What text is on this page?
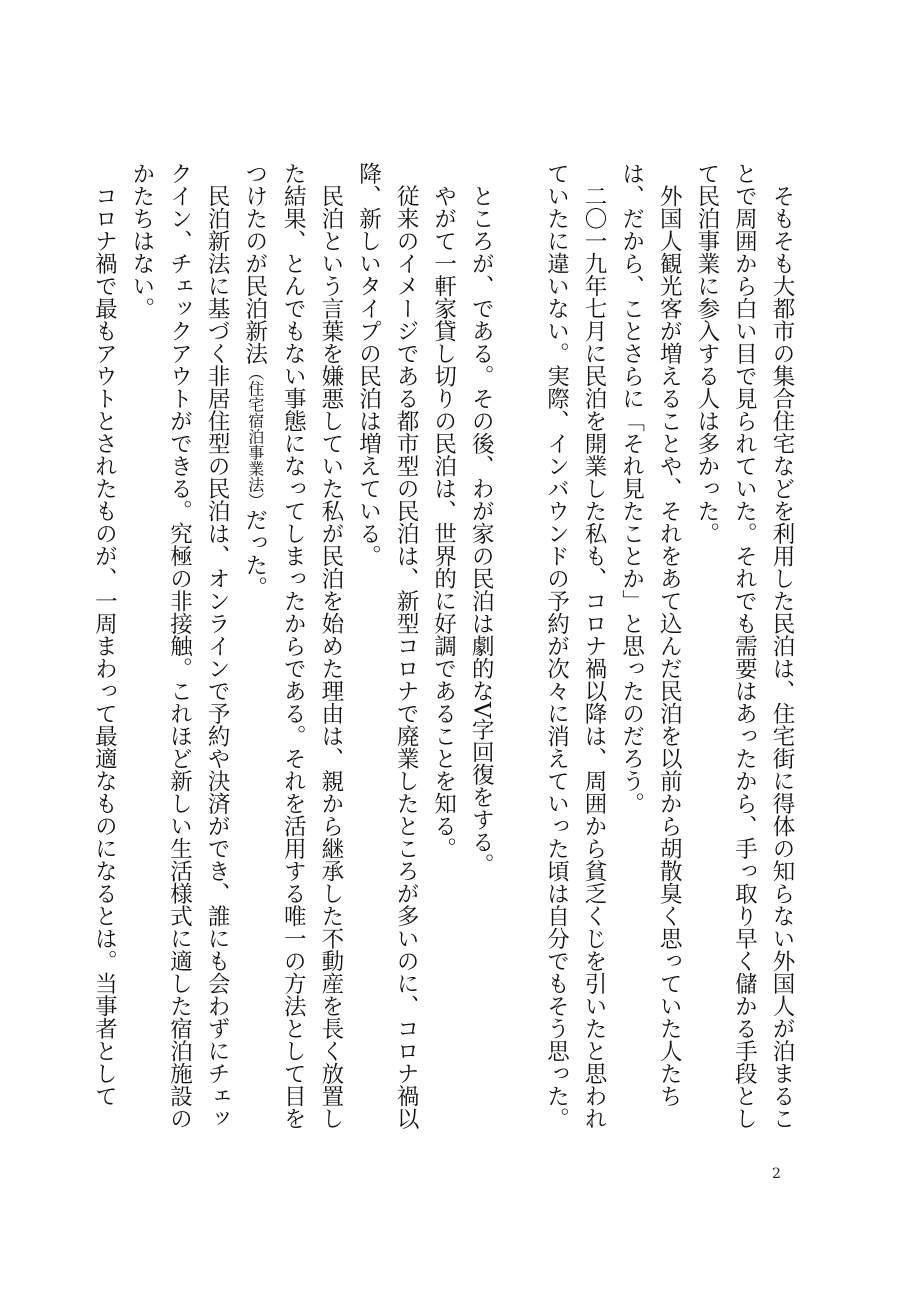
　そもそも大都市の集合住宅などを利用した民泊は、住宅街に得体の知らない外国人が泊まることで周囲から白い目で見られていた。それでも需要はあったから、手っ取り早く儲かる手段として民泊事業に参入する人は多かった。

　外国人観光客が増えることや、それをあて込んだ民泊を以前から胡散臭く思っていた人たちは、だから、ことさらに「それ見たことか」と思ったのだろう。

　二〇一九年七月に民泊を開業した私も、コロナ禍以降は、周囲から貧乏くじを引いたと思われていたに違いない。実際、インバウンドの予約が次々に消えていった頃は自分でもそう思った。

　ところが、である。その後、わが家の民泊は劇的なV字回復をする。

　やがて一軒家貸し切りの民泊は、世界的に好調であることを知る。

　従来のイメージである都市型の民泊は、新型コロナで廃業したところが多いのに、コロナ禍以降、新しいタイプの民泊は増えている。

　民泊という言葉を嫌悪していた私が民泊を始めた理由は、親から継承した不動産を長く放置した結果、とんでもない事態になってしまったからである。それを活用する唯一の方法として目をつけたのが民泊新法（住宅宿泊事業法）だった。

　民泊新法に基づく非居住型の民泊は、オンラインで予約や決済ができ、誰にも会わずにチェックイン、チェックアウトができる。究極の非接触。これほど新しい生活様式に適した宿泊施設のかたちはない。

　コロナ禍で最もアウトとされたものが、一周まわって最適なものになるとは。当事者として

2
